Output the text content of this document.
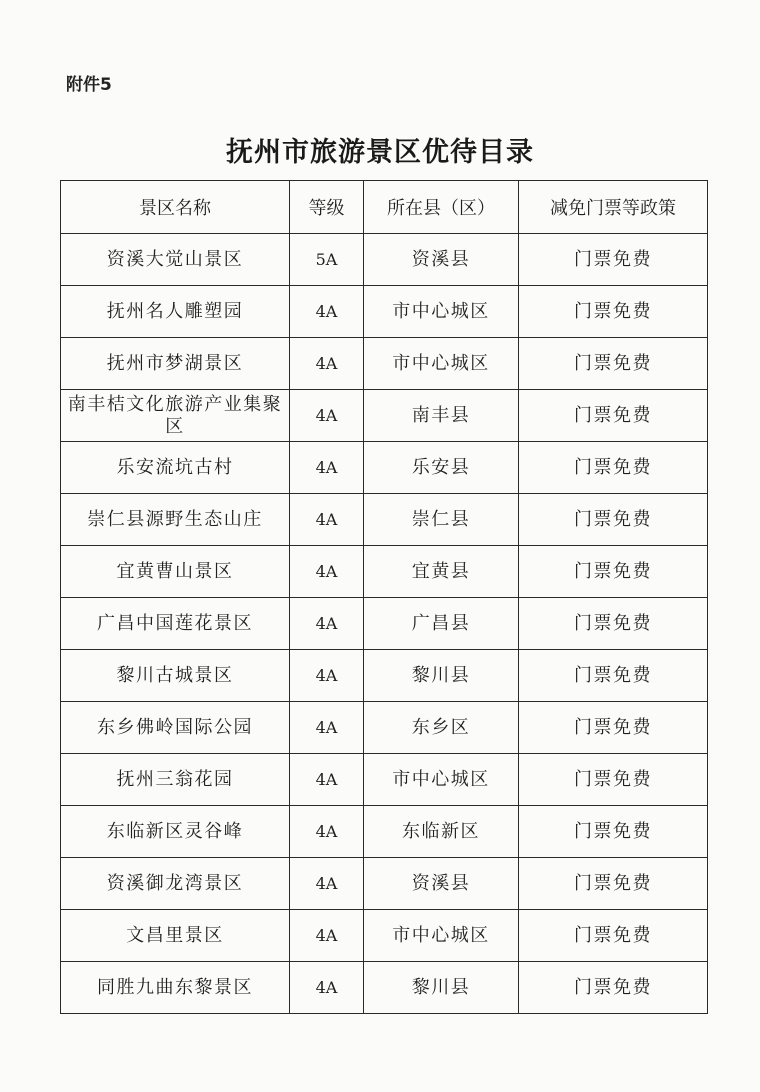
附件5
抚州市旅游景区优待目录
景区名称	等级	所在县（区）	减免门票等政策
资溪大觉山景区	5A	资溪县	门票免费
抚州名人雕塑园	4A	市中心城区	门票免费
抚州市梦湖景区	4A	市中心城区	门票免费
南丰桔文化旅游产业集聚区	4A	南丰县	门票免费
乐安流坑古村	4A	乐安县	门票免费
崇仁县源野生态山庄	4A	崇仁县	门票免费
宜黄曹山景区	4A	宜黄县	门票免费
广昌中国莲花景区	4A	广昌县	门票免费
黎川古城景区	4A	黎川县	门票免费
东乡佛岭国际公园	4A	东乡区	门票免费
抚州三翁花园	4A	市中心城区	门票免费
东临新区灵谷峰	4A	东临新区	门票免费
资溪御龙湾景区	4A	资溪县	门票免费
文昌里景区	4A	市中心城区	门票免费
同胜九曲东黎景区	4A	黎川县	门票免费
